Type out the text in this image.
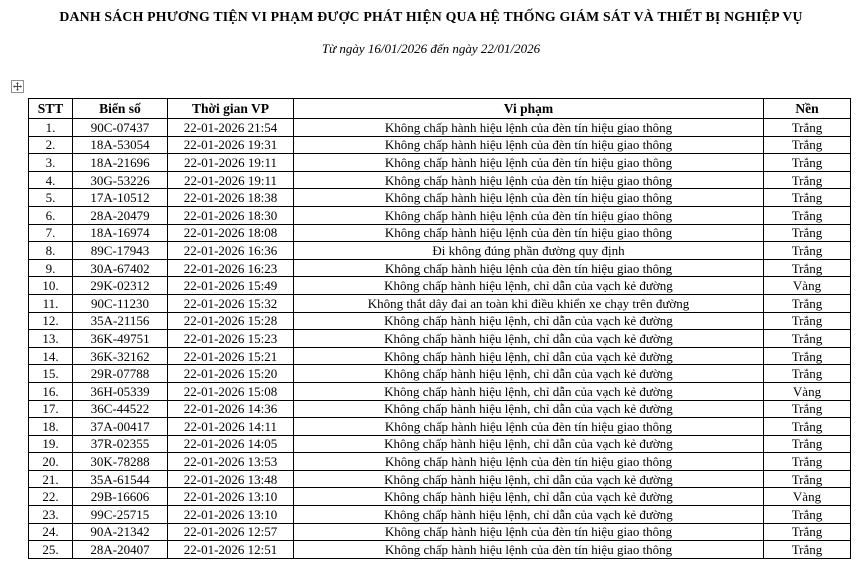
DANH SÁCH PHƯƠNG TIỆN VI PHẠM ĐƯỢC PHÁT HIỆN QUA HỆ THỐNG GIÁM SÁT VÀ THIẾT BỊ NGHIỆP VỤ
Từ ngày 16/01/2026 đến ngày 22/01/2026
STT	Biển số	Thời gian VP	Vi phạm	Nền
1.	90C-07437	22-01-2026 21:54	Không chấp hành hiệu lệnh của đèn tín hiệu giao thông	Trắng
2.	18A-53054	22-01-2026 19:31	Không chấp hành hiệu lệnh của đèn tín hiệu giao thông	Trắng
3.	18A-21696	22-01-2026 19:11	Không chấp hành hiệu lệnh của đèn tín hiệu giao thông	Trắng
4.	30G-53226	22-01-2026 19:11	Không chấp hành hiệu lệnh của đèn tín hiệu giao thông	Trắng
5.	17A-10512	22-01-2026 18:38	Không chấp hành hiệu lệnh của đèn tín hiệu giao thông	Trắng
6.	28A-20479	22-01-2026 18:30	Không chấp hành hiệu lệnh của đèn tín hiệu giao thông	Trắng
7.	18A-16974	22-01-2026 18:08	Không chấp hành hiệu lệnh của đèn tín hiệu giao thông	Trắng
8.	89C-17943	22-01-2026 16:36	Đi không đúng phần đường quy định	Trắng
9.	30A-67402	22-01-2026 16:23	Không chấp hành hiệu lệnh của đèn tín hiệu giao thông	Trắng
10.	29K-02312	22-01-2026 15:49	Không chấp hành hiệu lệnh, chỉ dẫn của vạch kẻ đường	Vàng
11.	90C-11230	22-01-2026 15:32	Không thắt dây đai an toàn khi điều khiển xe chạy trên đường	Trắng
12.	35A-21156	22-01-2026 15:28	Không chấp hành hiệu lệnh, chỉ dẫn của vạch kẻ đường	Trắng
13.	36K-49751	22-01-2026 15:23	Không chấp hành hiệu lệnh, chỉ dẫn của vạch kẻ đường	Trắng
14.	36K-32162	22-01-2026 15:21	Không chấp hành hiệu lệnh, chỉ dẫn của vạch kẻ đường	Trắng
15.	29R-07788	22-01-2026 15:20	Không chấp hành hiệu lệnh, chỉ dẫn của vạch kẻ đường	Trắng
16.	36H-05339	22-01-2026 15:08	Không chấp hành hiệu lệnh, chỉ dẫn của vạch kẻ đường	Vàng
17.	36C-44522	22-01-2026 14:36	Không chấp hành hiệu lệnh, chỉ dẫn của vạch kẻ đường	Trắng
18.	37A-00417	22-01-2026 14:11	Không chấp hành hiệu lệnh của đèn tín hiệu giao thông	Trắng
19.	37R-02355	22-01-2026 14:05	Không chấp hành hiệu lệnh, chỉ dẫn của vạch kẻ đường	Trắng
20.	30K-78288	22-01-2026 13:53	Không chấp hành hiệu lệnh của đèn tín hiệu giao thông	Trắng
21.	35A-61544	22-01-2026 13:48	Không chấp hành hiệu lệnh, chỉ dẫn của vạch kẻ đường	Trắng
22.	29B-16606	22-01-2026 13:10	Không chấp hành hiệu lệnh, chỉ dẫn của vạch kẻ đường	Vàng
23.	99C-25715	22-01-2026 13:10	Không chấp hành hiệu lệnh, chỉ dẫn của vạch kẻ đường	Trắng
24.	90A-21342	22-01-2026 12:57	Không chấp hành hiệu lệnh của đèn tín hiệu giao thông	Trắng
25.	28A-20407	22-01-2026 12:51	Không chấp hành hiệu lệnh của đèn tín hiệu giao thông	Trắng
